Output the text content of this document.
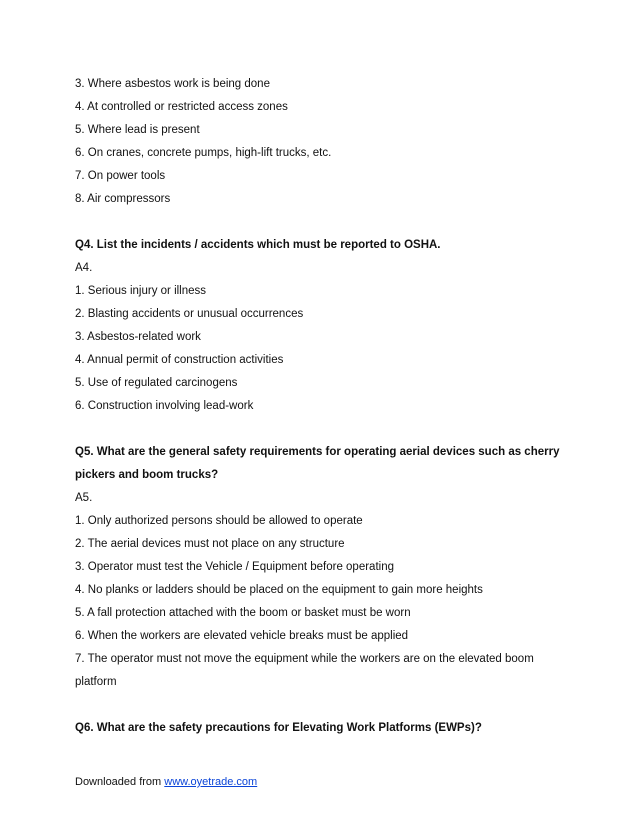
3. Where asbestos work is being done
4. At controlled or restricted access zones
5. Where lead is present
6. On cranes, concrete pumps, high-lift trucks, etc.
7. On power tools
8. Air compressors
Q4. List the incidents / accidents which must be reported to OSHA.
A4.
1. Serious injury or illness
2. Blasting accidents or unusual occurrences
3. Asbestos-related work
4. Annual permit of construction activities
5. Use of regulated carcinogens
6. Construction involving lead-work
Q5. What are the general safety requirements for operating aerial devices such as cherry
pickers and boom trucks?
A5.
1. Only authorized persons should be allowed to operate
2. The aerial devices must not place on any structure
3. Operator must test the Vehicle / Equipment before operating
4. No planks or ladders should be placed on the equipment to gain more heights
5. A fall protection attached with the boom or basket must be worn
6. When the workers are elevated vehicle breaks must be applied
7. The operator must not move the equipment while the workers are on the elevated boom
platform
Q6. What are the safety precautions for Elevating Work Platforms (EWPs)?
Downloaded from www.oyetrade.com
